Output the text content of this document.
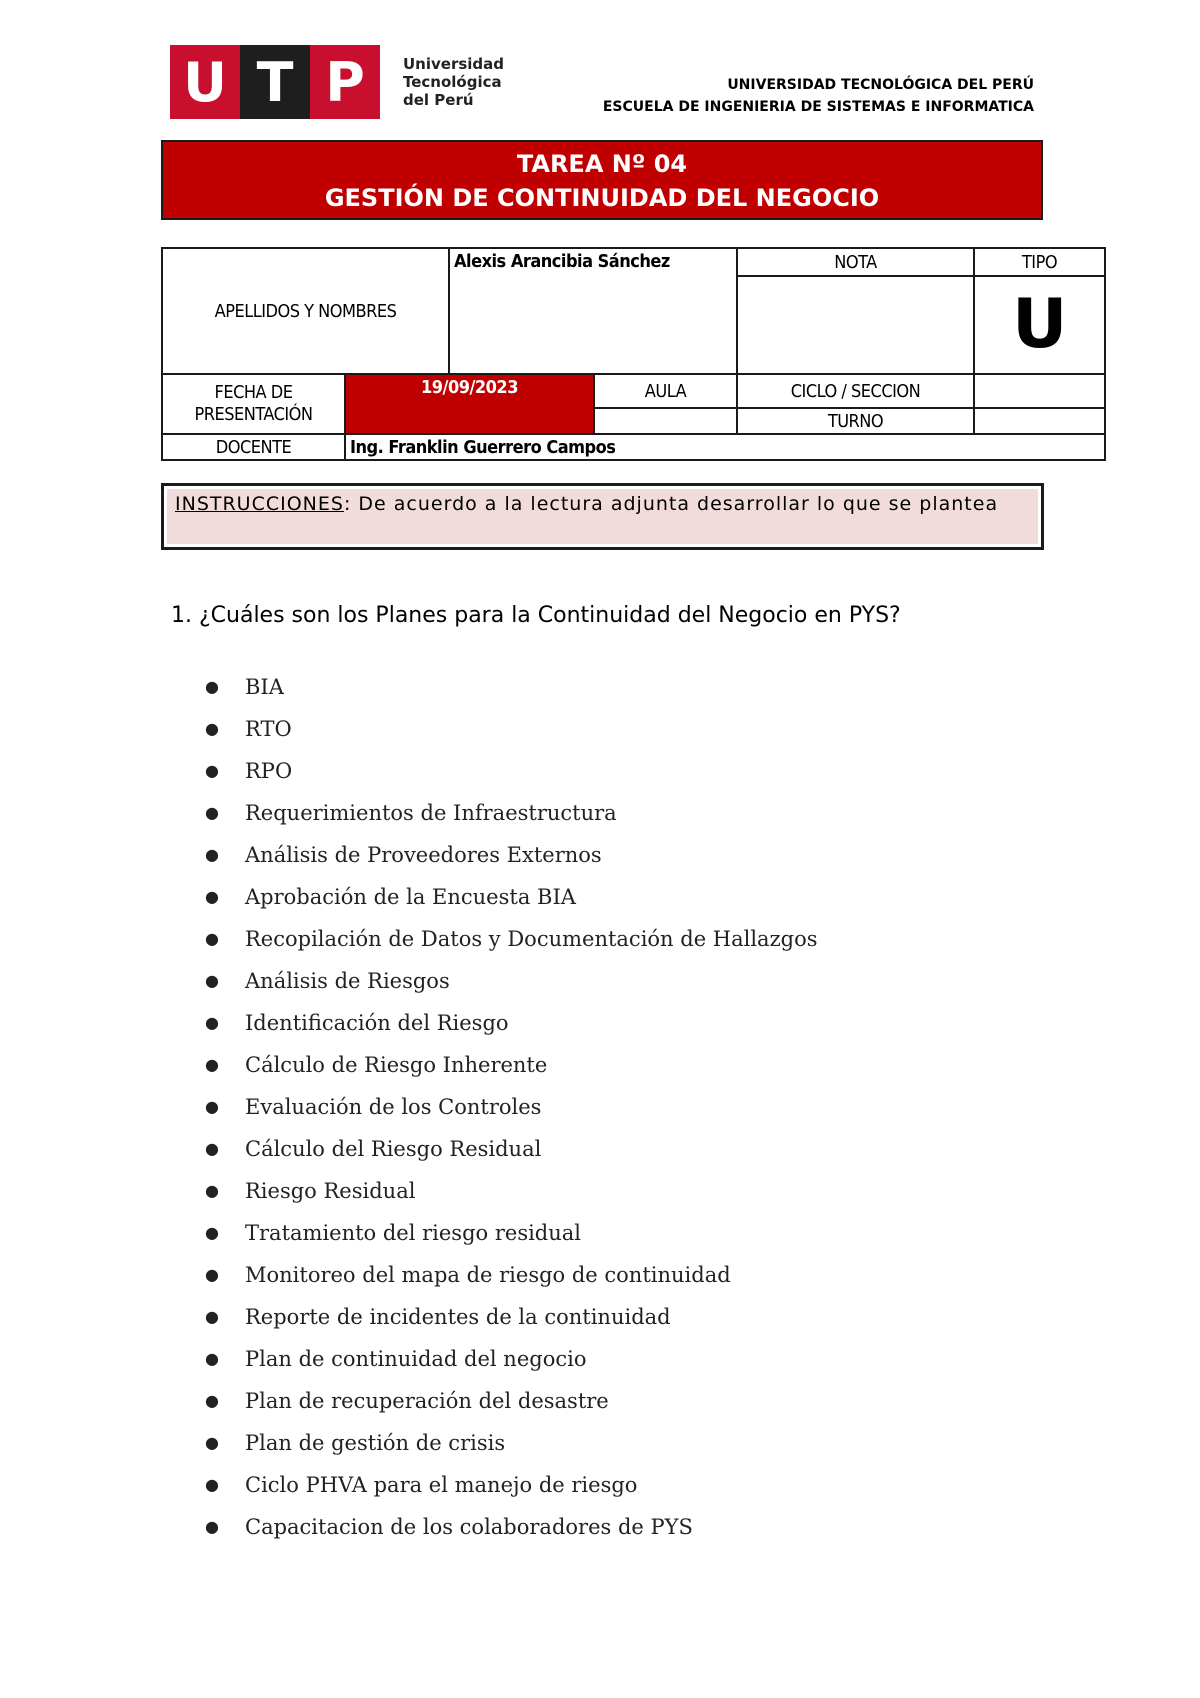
U T P	Universidad
Tecnológica
del Perú
UNIVERSIDAD TECNOLÓGICA DEL PERÚ
ESCUELA DE INGENIERIA DE SISTEMAS E INFORMATICA
TAREA Nº 04
GESTIÓN DE CONTINUIDAD DEL NEGOCIO
APELLIDOS Y NOMBRES		Alexis Arancibia Sánchez		NOTA	TIPO
					U
FECHA DE PRESENTACIÓN	19/09/2023		AULA	CICLO / SECCION	
				TURNO	
DOCENTE	Ing. Franklin Guerrero Campos				
INSTRUCCIONES: De acuerdo a la lectura adjunta desarrollar lo que se plantea
1. ¿Cuáles son los Planes para la Continuidad del Negocio en PYS?
●	BIA
●	RTO
●	RPO
●	Requerimientos de Infraestructura
●	Análisis de Proveedores Externos
●	Aprobación de la Encuesta BIA
●	Recopilación de Datos y Documentación de Hallazgos
●	Análisis de Riesgos
●	Identificación del Riesgo
●	Cálculo de Riesgo Inherente
●	Evaluación de los Controles
●	Cálculo del Riesgo Residual
●	Riesgo Residual
●	Tratamiento del riesgo residual
●	Monitoreo del mapa de riesgo de continuidad
●	Reporte de incidentes de la continuidad
●	Plan de continuidad del negocio
●	Plan de recuperación del desastre
●	Plan de gestión de crisis
●	Ciclo PHVA para el manejo de riesgo
●	Capacitacion de los colaboradores de PYS
